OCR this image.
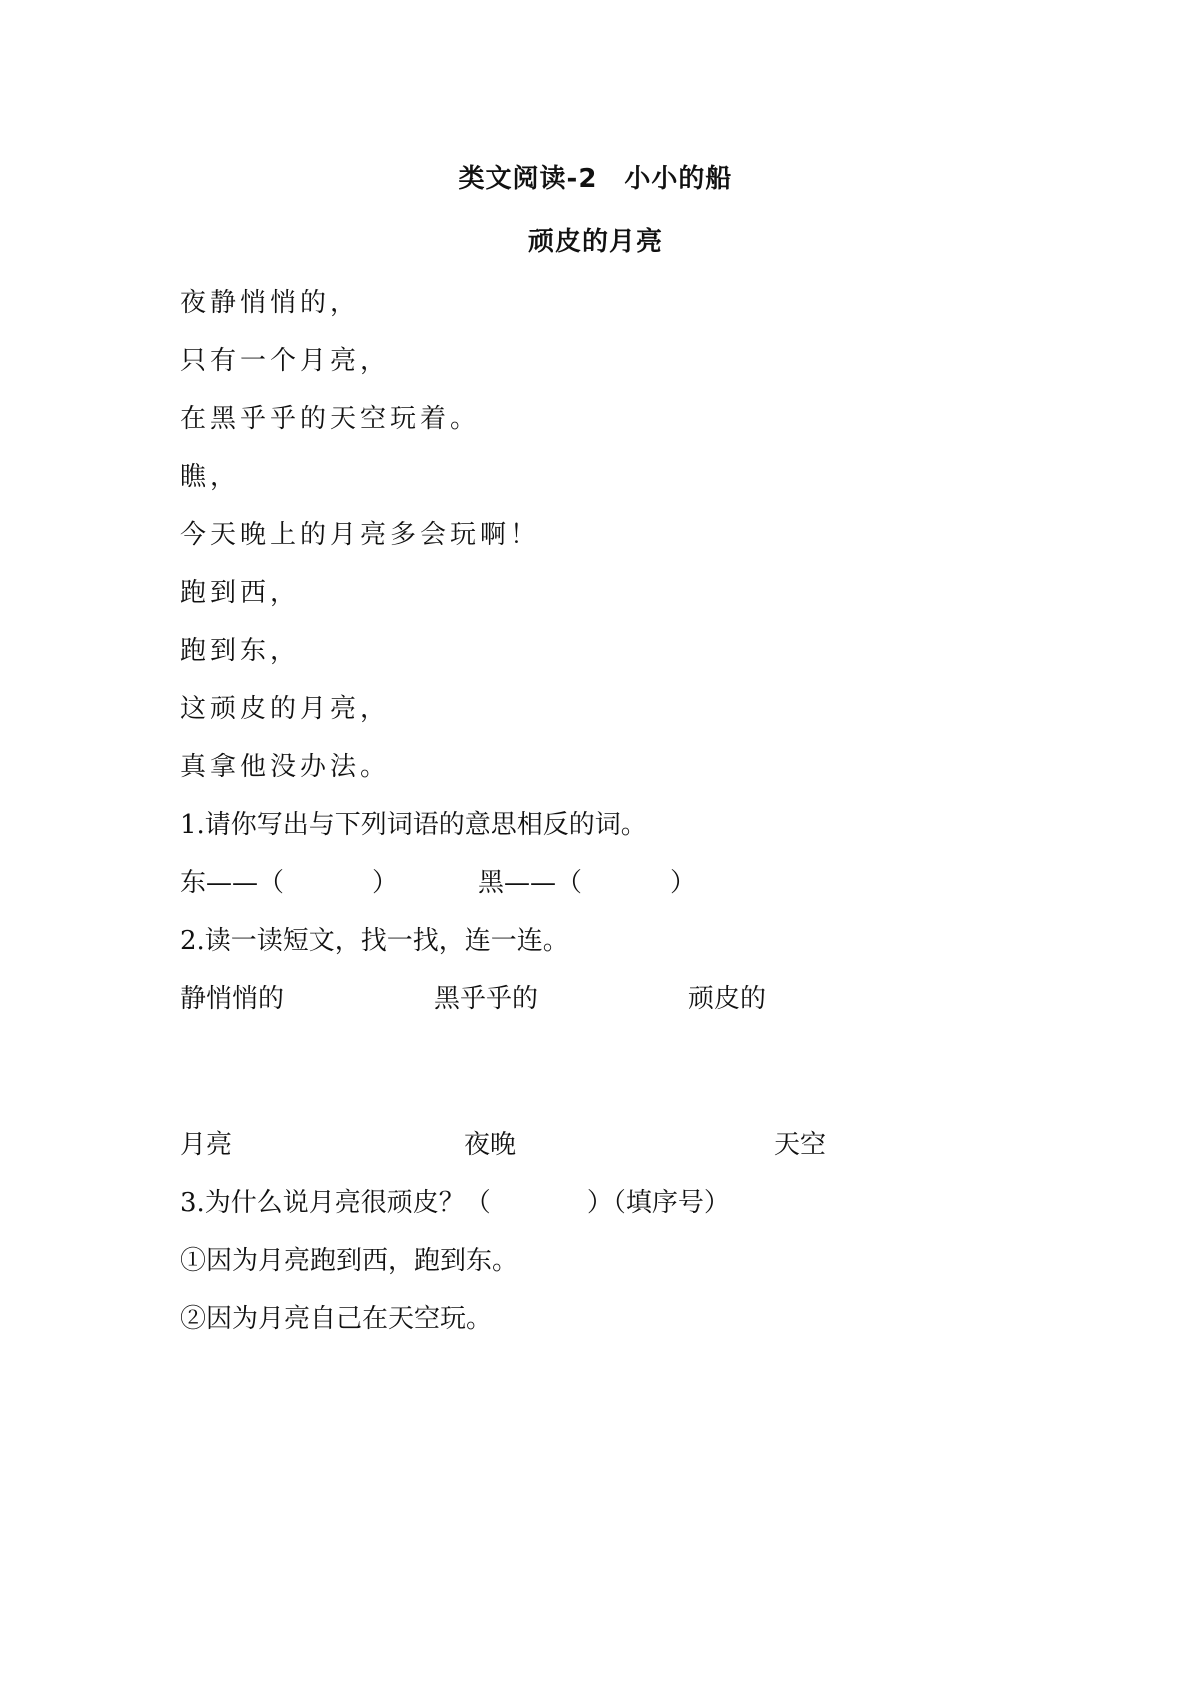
类文阅读-2　小小的船
顽皮的月亮
夜静悄悄的，
只有一个月亮，
在黑乎乎的天空玩着。
瞧，
今天晚上的月亮多会玩啊！
跑到西，
跑到东，
这顽皮的月亮，
真拿他没办法。
1.请你写出与下列词语的意思相反的词。
东——（	）	黑——（	）
2.读一读短文，找一找，连一连。
静悄悄的	黑乎乎的	顽皮的
月亮	夜晚	天空
3.为什么说月亮很顽皮？（	）（填序号）
①因为月亮跑到西，跑到东。
②因为月亮自己在天空玩。
